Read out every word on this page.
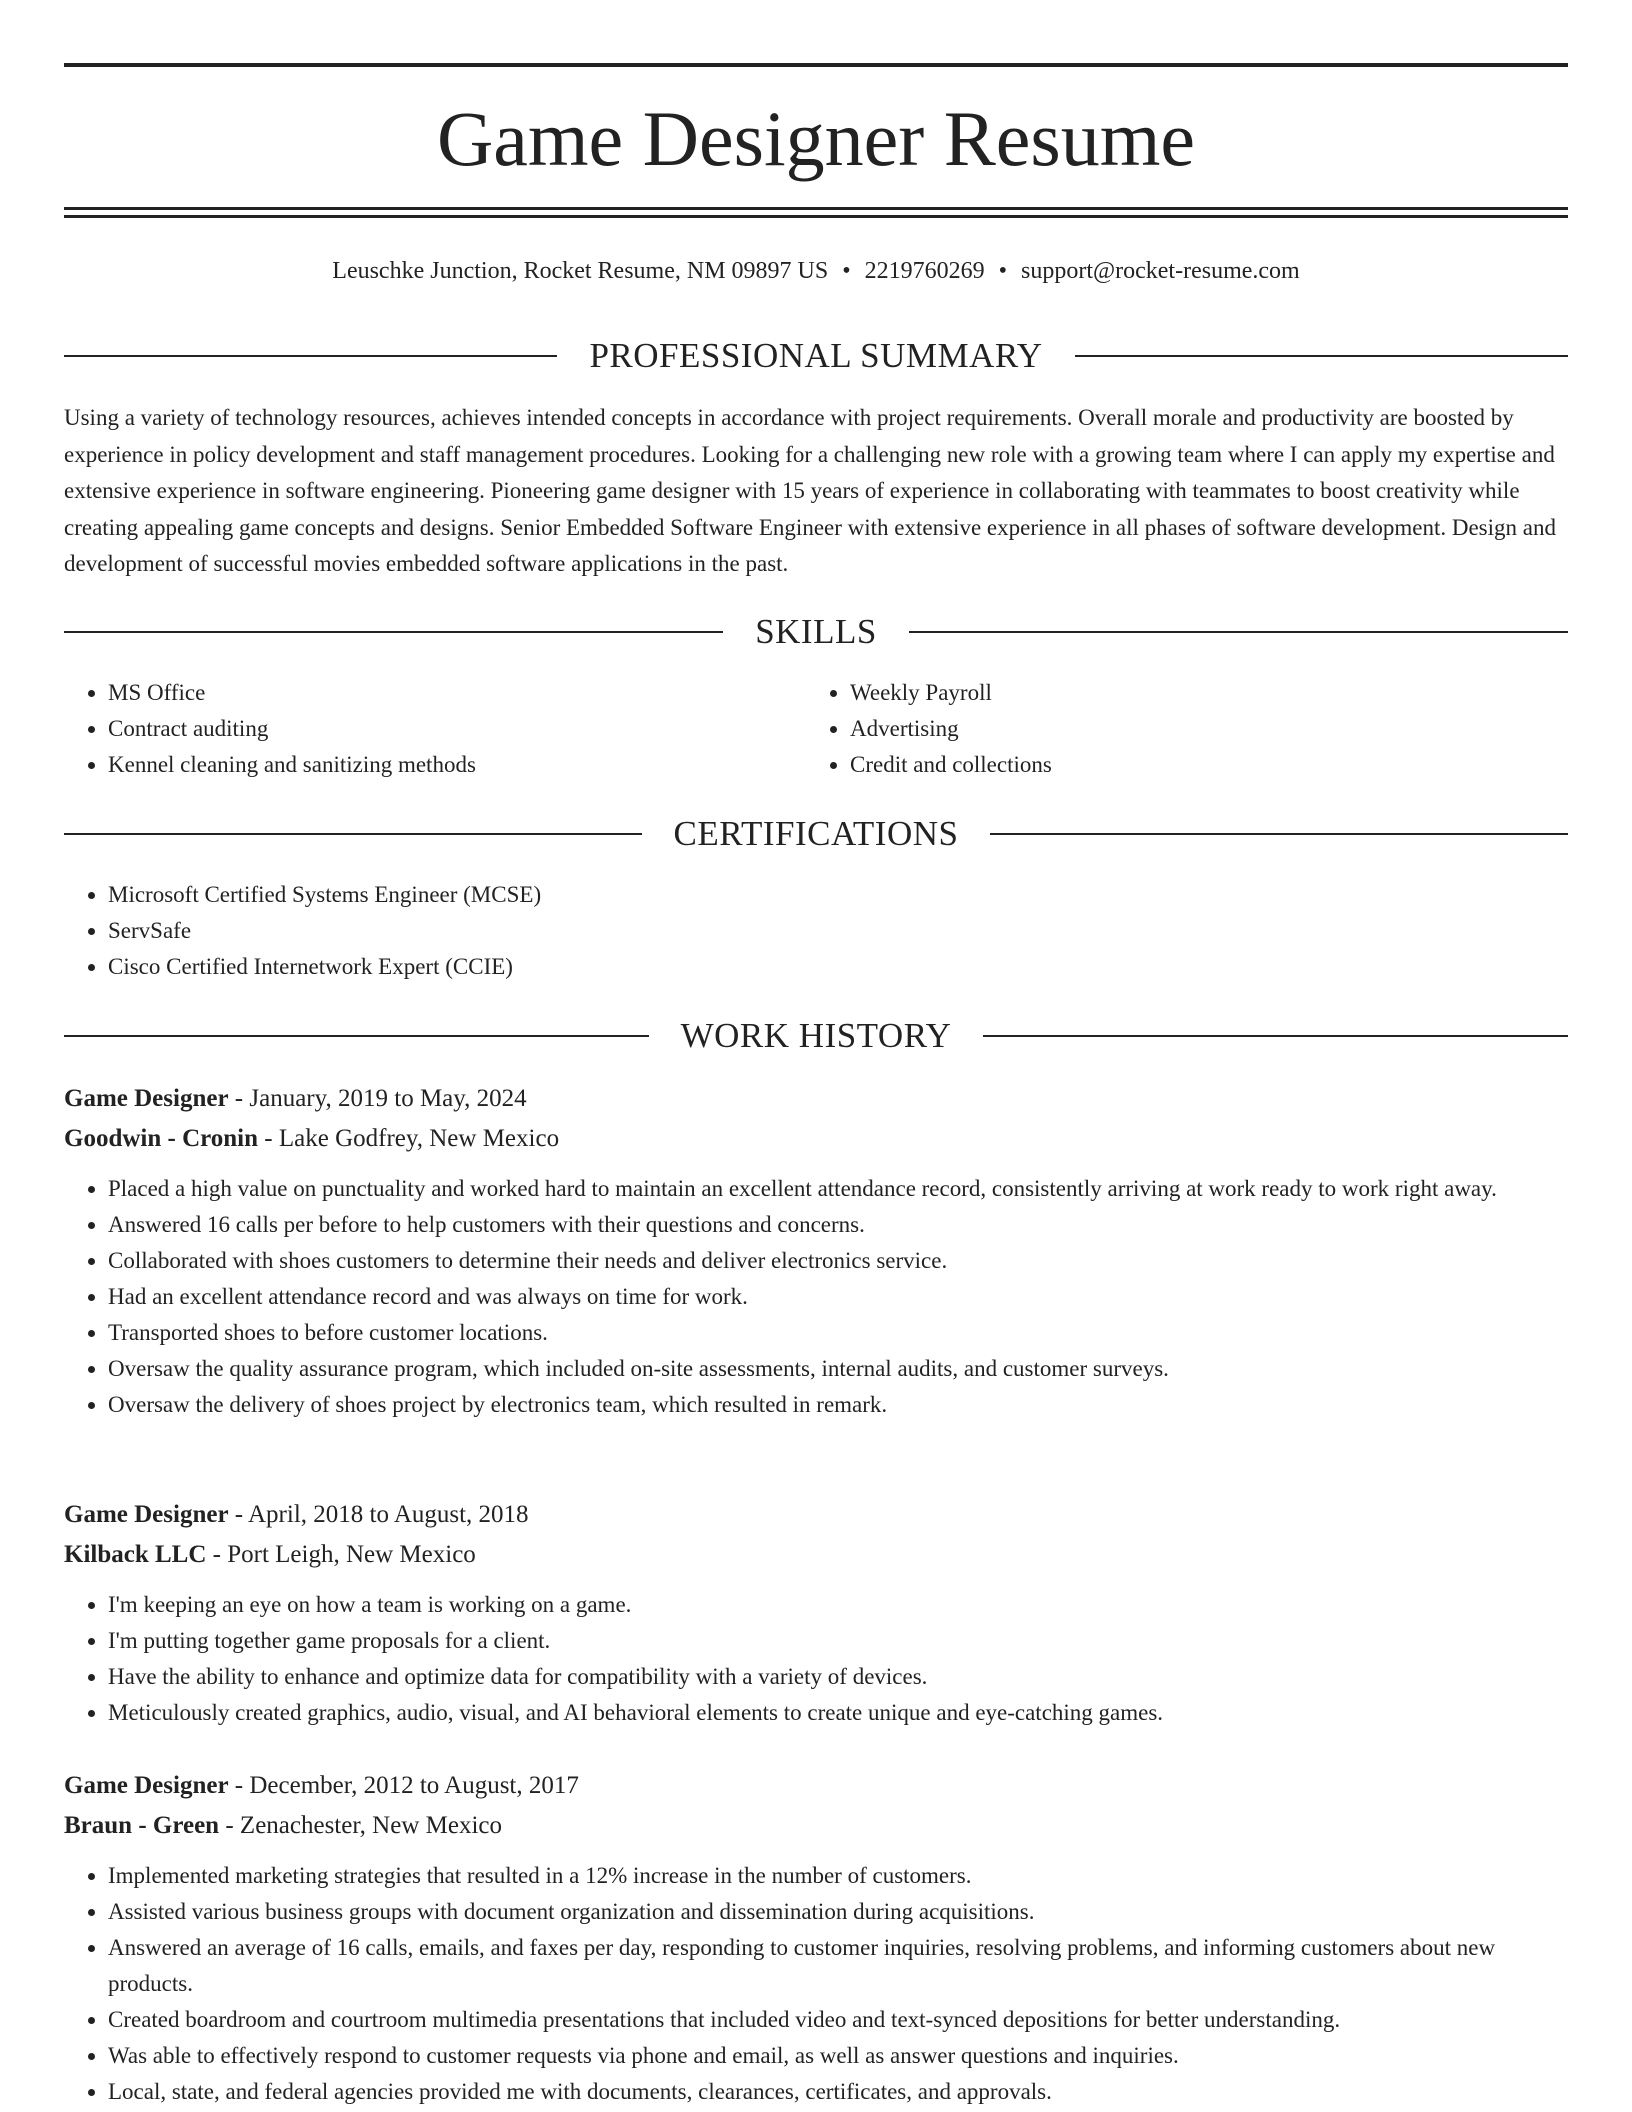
Game Designer Resume
Leuschke Junction, Rocket Resume, NM 09897 US • 2219760269 • support@rocket-resume.com
PROFESSIONAL SUMMARY

Using a variety of technology resources, achieves intended concepts in accordance with project requirements. Overall morale and productivity are boosted by experience in policy development and staff management procedures. Looking for a challenging new role with a growing team where I can apply my expertise and extensive experience in software engineering. Pioneering game designer with 15 years of experience in collaborating with teammates to boost creativity while creating appealing game concepts and designs. Senior Embedded Software Engineer with extensive experience in all phases of software development. Design and development of successful movies embedded software applications in the past.

SKILLS
• MS Office
• Contract auditing
• Kennel cleaning and sanitizing methods
• Weekly Payroll
• Advertising
• Credit and collections
CERTIFICATIONS
• Microsoft Certified Systems Engineer (MCSE)
• ServSafe
• Cisco Certified Internetwork Expert (CCIE)
WORK HISTORY
Game Designer - January, 2019 to May, 2024
Goodwin - Cronin - Lake Godfrey, New Mexico
• Placed a high value on punctuality and worked hard to maintain an excellent attendance record, consistently arriving at work ready to work right away.
• Answered 16 calls per before to help customers with their questions and concerns.
• Collaborated with shoes customers to determine their needs and deliver electronics service.
• Had an excellent attendance record and was always on time for work.
• Transported shoes to before customer locations.
• Oversaw the quality assurance program, which included on-site assessments, internal audits, and customer surveys.
• Oversaw the delivery of shoes project by electronics team, which resulted in remark.
Game Designer - April, 2018 to August, 2018
Kilback LLC - Port Leigh, New Mexico
• I'm keeping an eye on how a team is working on a game.
• I'm putting together game proposals for a client.
• Have the ability to enhance and optimize data for compatibility with a variety of devices.
• Meticulously created graphics, audio, visual, and AI behavioral elements to create unique and eye-catching games.
Game Designer - December, 2012 to August, 2017
Braun - Green - Zenachester, New Mexico
• Implemented marketing strategies that resulted in a 12% increase in the number of customers.
• Assisted various business groups with document organization and dissemination during acquisitions.
• Answered an average of 16 calls, emails, and faxes per day, responding to customer inquiries, resolving problems, and informing customers about new products.
• Created boardroom and courtroom multimedia presentations that included video and text-synced depositions for better understanding.
• Was able to effectively respond to customer requests via phone and email, as well as answer questions and inquiries.
• Local, state, and federal agencies provided me with documents, clearances, certificates, and approvals.
